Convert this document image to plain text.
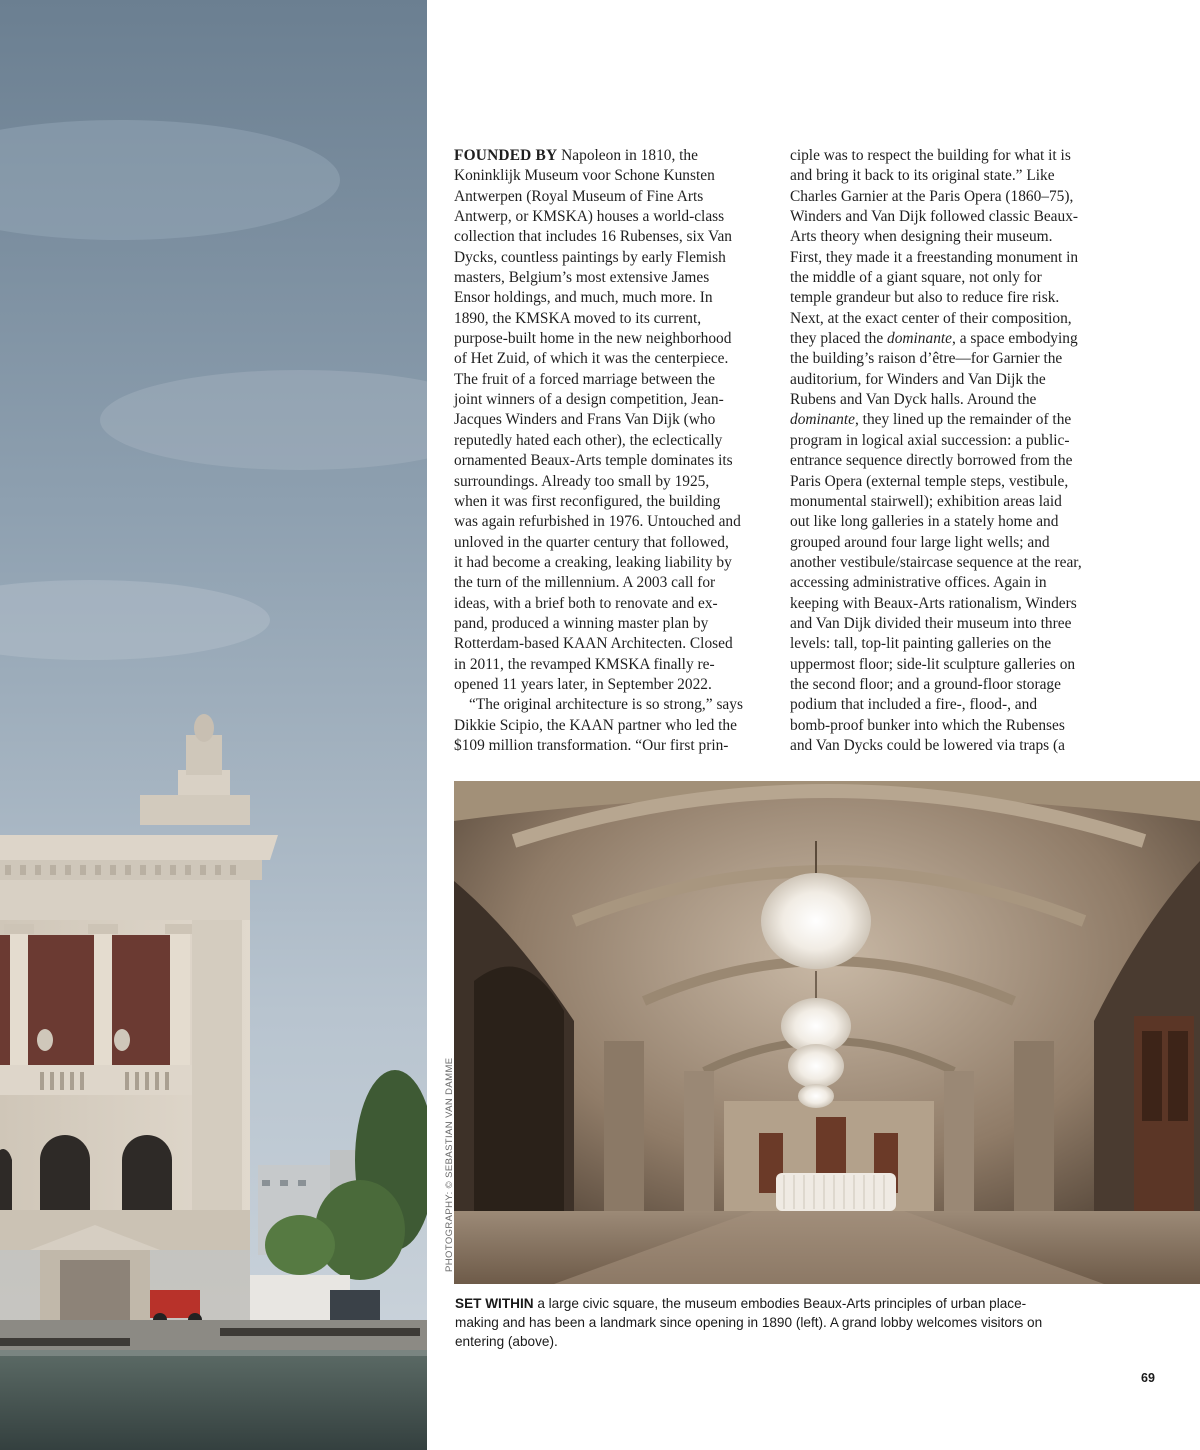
FOUNDED BY Napoleon in 1810, the
Koninklijk Museum voor Schone Kunsten
Antwerpen (Royal Museum of Fine Arts
Antwerp, or KMSKA) houses a world-class
collection that includes 16 Rubenses, six Van
Dycks, countless paintings by early Flemish
masters, Belgium’s most extensive James
Ensor holdings, and much, much more. In
1890, the KMSKA moved to its current,
purpose-built home in the new neighborhood
of Het Zuid, of which it was the centerpiece.
The fruit of a forced marriage between the
joint winners of a design competition, Jean-
Jacques Winders and Frans Van Dijk (who
reputedly hated each other), the eclectically
ornamented Beaux-Arts temple dominates its
surroundings. Already too small by 1925,
when it was first reconfigured, the building
was again refurbished in 1976. Untouched and
unloved in the quarter century that followed,
it had become a creaking, leaking liability by
the turn of the millennium. A 2003 call for
ideas, with a brief both to renovate and ex-
pand, produced a winning master plan by
Rotterdam-based KAAN Architecten. Closed
in 2011, the revamped KMSKA finally re-
opened 11 years later, in September 2022.
“The original architecture is so strong,” says
Dikkie Scipio, the KAAN partner who led the
$109 million transformation. “Our first prin-
ciple was to respect the building for what it is
and bring it back to its original state.” Like
Charles Garnier at the Paris Opera (1860–75),
Winders and Van Dijk followed classic Beaux-
Arts theory when designing their museum.
First, they made it a freestanding monument in
the middle of a giant square, not only for
temple grandeur but also to reduce fire risk.
Next, at the exact center of their composition,
they placed the dominante, a space embodying
the building’s raison d’être—for Garnier the
auditorium, for Winders and Van Dijk the
Rubens and Van Dyck halls. Around the
dominante, they lined up the remainder of the
program in logical axial succession: a public-
entrance sequence directly borrowed from the
Paris Opera (external temple steps, vestibule,
monumental stairwell); exhibition areas laid
out like long galleries in a stately home and
grouped around four large light wells; and
another vestibule/staircase sequence at the rear,
accessing administrative offices. Again in
keeping with Beaux-Arts rationalism, Winders
and Van Dijk divided their museum into three
levels: tall, top-lit painting galleries on the
uppermost floor; side-lit sculpture galleries on
the second floor; and a ground-floor storage
podium that included a fire-, flood-, and
bomb-proof bunker into which the Rubenses
and Van Dycks could be lowered via traps (a
PHOTOGRAPHY: © SEBASTIAN VAN DAMME
SET WITHIN a large civic square, the museum embodies Beaux-Arts principles of urban place-
making and has been a landmark since opening in 1890 (left). A grand lobby welcomes visitors on
entering (above).
69
